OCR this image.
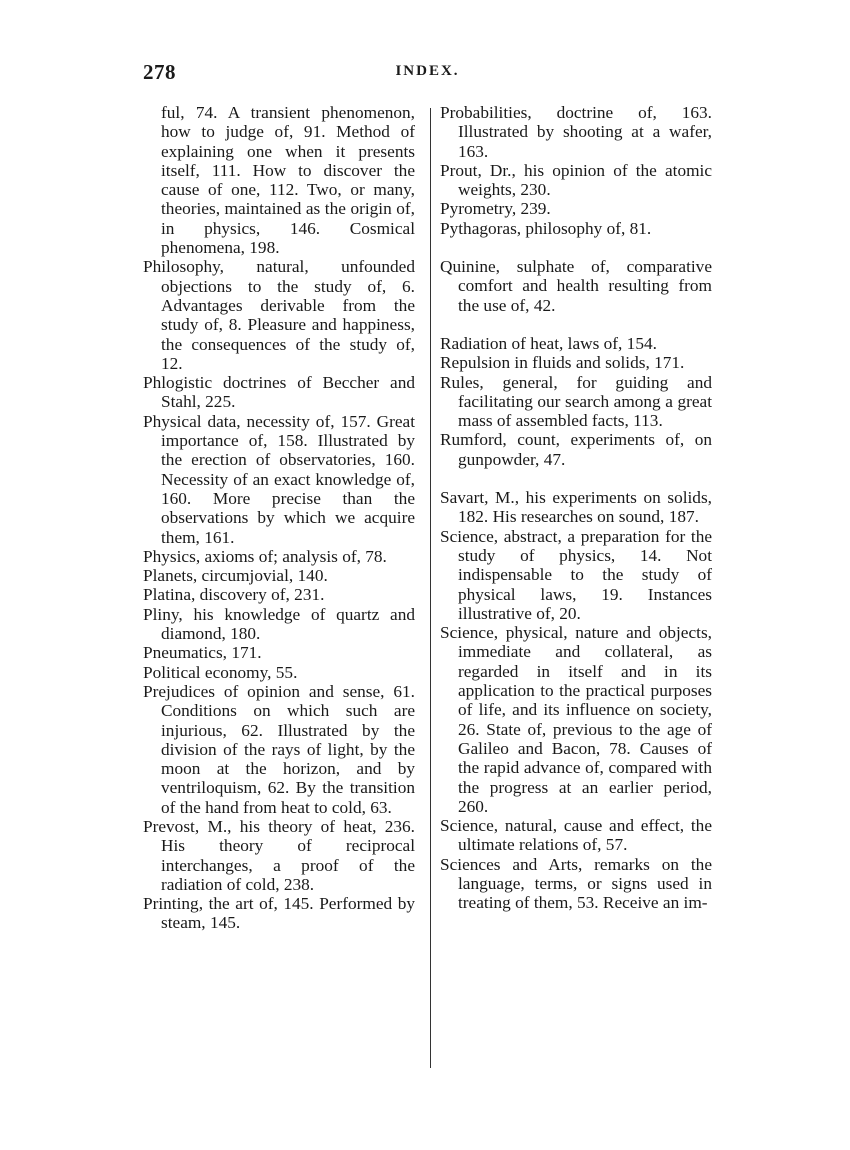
278	INDEX.

ful, 74. A transient phenomenon, how to judge of, 91. Method of explaining one when it presents itself, 111. How to discover the cause of one, 112. Two, or many, theories, maintained as the origin of, in physics, 146. Cosmical phenomena, 198.

Philosophy, natural, unfounded objections to the study of, 6. Advantages derivable from the study of, 8. Pleasure and happiness, the consequences of the study of, 12.

Phlogistic doctrines of Beccher and Stahl, 225.

Physical data, necessity of, 157. Great importance of, 158. Illustrated by the erection of observatories, 160. Necessity of an exact knowledge of, 160. More precise than the observations by which we acquire them, 161.

Physics, axioms of; analysis of, 78.

Planets, circumjovial, 140.

Platina, discovery of, 231.

Pliny, his knowledge of quartz and diamond, 180.

Pneumatics, 171.

Political economy, 55.

Prejudices of opinion and sense, 61. Conditions on which such are injurious, 62. Illustrated by the division of the rays of light, by the moon at the horizon, and by ventriloquism, 62. By the transition of the hand from heat to cold, 63.

Prevost, M., his theory of heat, 236. His theory of reciprocal interchanges, a proof of the radiation of cold, 238.

Printing, the art of, 145. Performed by steam, 145.

Probabilities, doctrine of, 163. Illustrated by shooting at a wafer, 163.

Prout, Dr., his opinion of the atomic weights, 230.

Pyrometry, 239.

Pythagoras, philosophy of, 81.

Quinine, sulphate of, comparative comfort and health resulting from the use of, 42.

Radiation of heat, laws of, 154.

Repulsion in fluids and solids, 171.

Rules, general, for guiding and facilitating our search among a great mass of assembled facts, 113.

Rumford, count, experiments of, on gunpowder, 47.

Savart, M., his experiments on solids, 182. His researches on sound, 187.

Science, abstract, a preparation for the study of physics, 14. Not indispensable to the study of physical laws, 19. Instances illustrative of, 20.

Science, physical, nature and objects, immediate and collateral, as regarded in itself and in its application to the practical purposes of life, and its influence on society, 26. State of, previous to the age of Galileo and Bacon, 78. Causes of the rapid advance of, compared with the progress at an earlier period, 260.

Science, natural, cause and effect, the ultimate relations of, 57.

Sciences and Arts, remarks on the language, terms, or signs used in treating of them, 53. Receive an im-
